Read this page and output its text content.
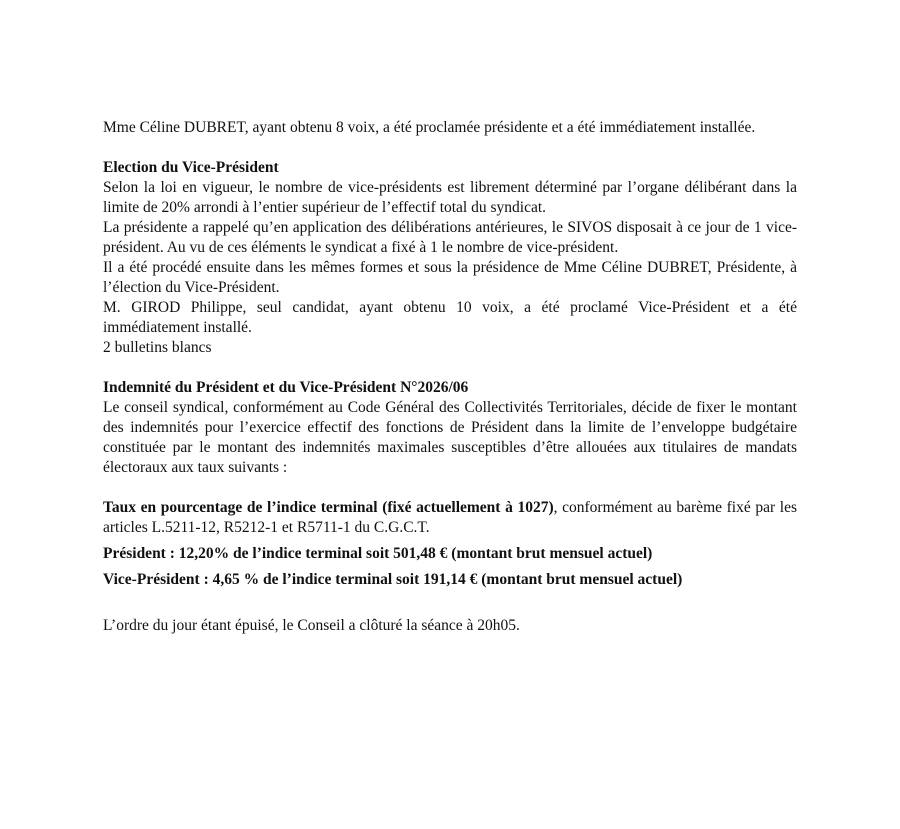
Mme Céline DUBRET, ayant obtenu 8 voix, a été proclamée présidente et a été immédiatement installée.

Election du Vice-Président

Selon la loi en vigueur, le nombre de vice-présidents est librement déterminé par l’organe délibérant dans la limite de 20% arrondi à l’entier supérieur de l’effectif total du syndicat.

La présidente a rappelé qu’en application des délibérations antérieures, le SIVOS disposait à ce jour de 1 vice-président. Au vu de ces éléments le syndicat a fixé à 1 le nombre de vice-président.

Il a été procédé ensuite dans les mêmes formes et sous la présidence de Mme Céline DUBRET, Présidente, à l’élection du Vice-Président.

M. GIROD Philippe, seul candidat, ayant obtenu 10 voix, a été proclamé Vice-Président et a été immédiatement installé.

2 bulletins blancs

Indemnité du Président et du Vice-Président N°2026/06

Le conseil syndical, conformément au Code Général des Collectivités Territoriales, décide de fixer le montant des indemnités pour l’exercice effectif des fonctions de Président dans la limite de l’enveloppe budgétaire constituée par le montant des indemnités maximales susceptibles d’être allouées aux titulaires de mandats électoraux aux taux suivants :

Taux en pourcentage de l’indice terminal (fixé actuellement à 1027), conformément au barème fixé par les articles L.5211-12, R5212-1 et R5711-1 du C.G.C.T.

Président : 12,20% de l’indice terminal soit 501,48 € (montant brut mensuel actuel)

Vice-Président : 4,65 % de l’indice terminal soit 191,14 € (montant brut mensuel actuel)

L’ordre du jour étant épuisé, le Conseil a clôturé la séance à 20h05.
